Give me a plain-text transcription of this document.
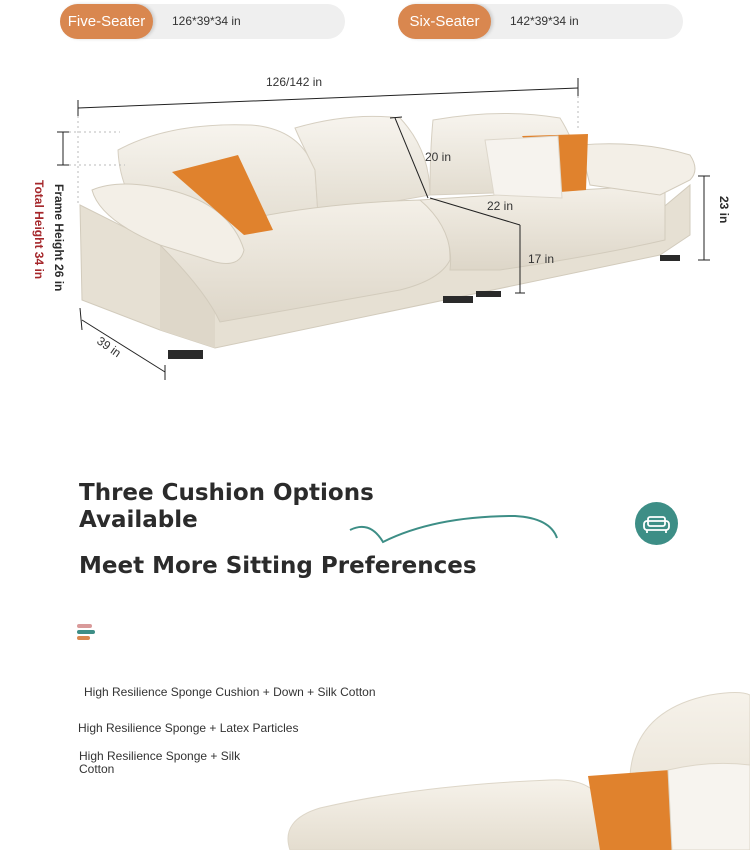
Five-Seater	126*39*34 in	Six-Seater	142*39*34 in
126/142 in
20 in
22 in
17 in
23 in
39 in
Frame Height 26 in
Total Height 34 in
Three Cushion Options Available
Meet More Sitting Preferences
High Resilience Sponge Cushion + Down + Silk Cotton
High Resilience Sponge + Latex Particles
High Resilience Sponge + Silk Cotton
